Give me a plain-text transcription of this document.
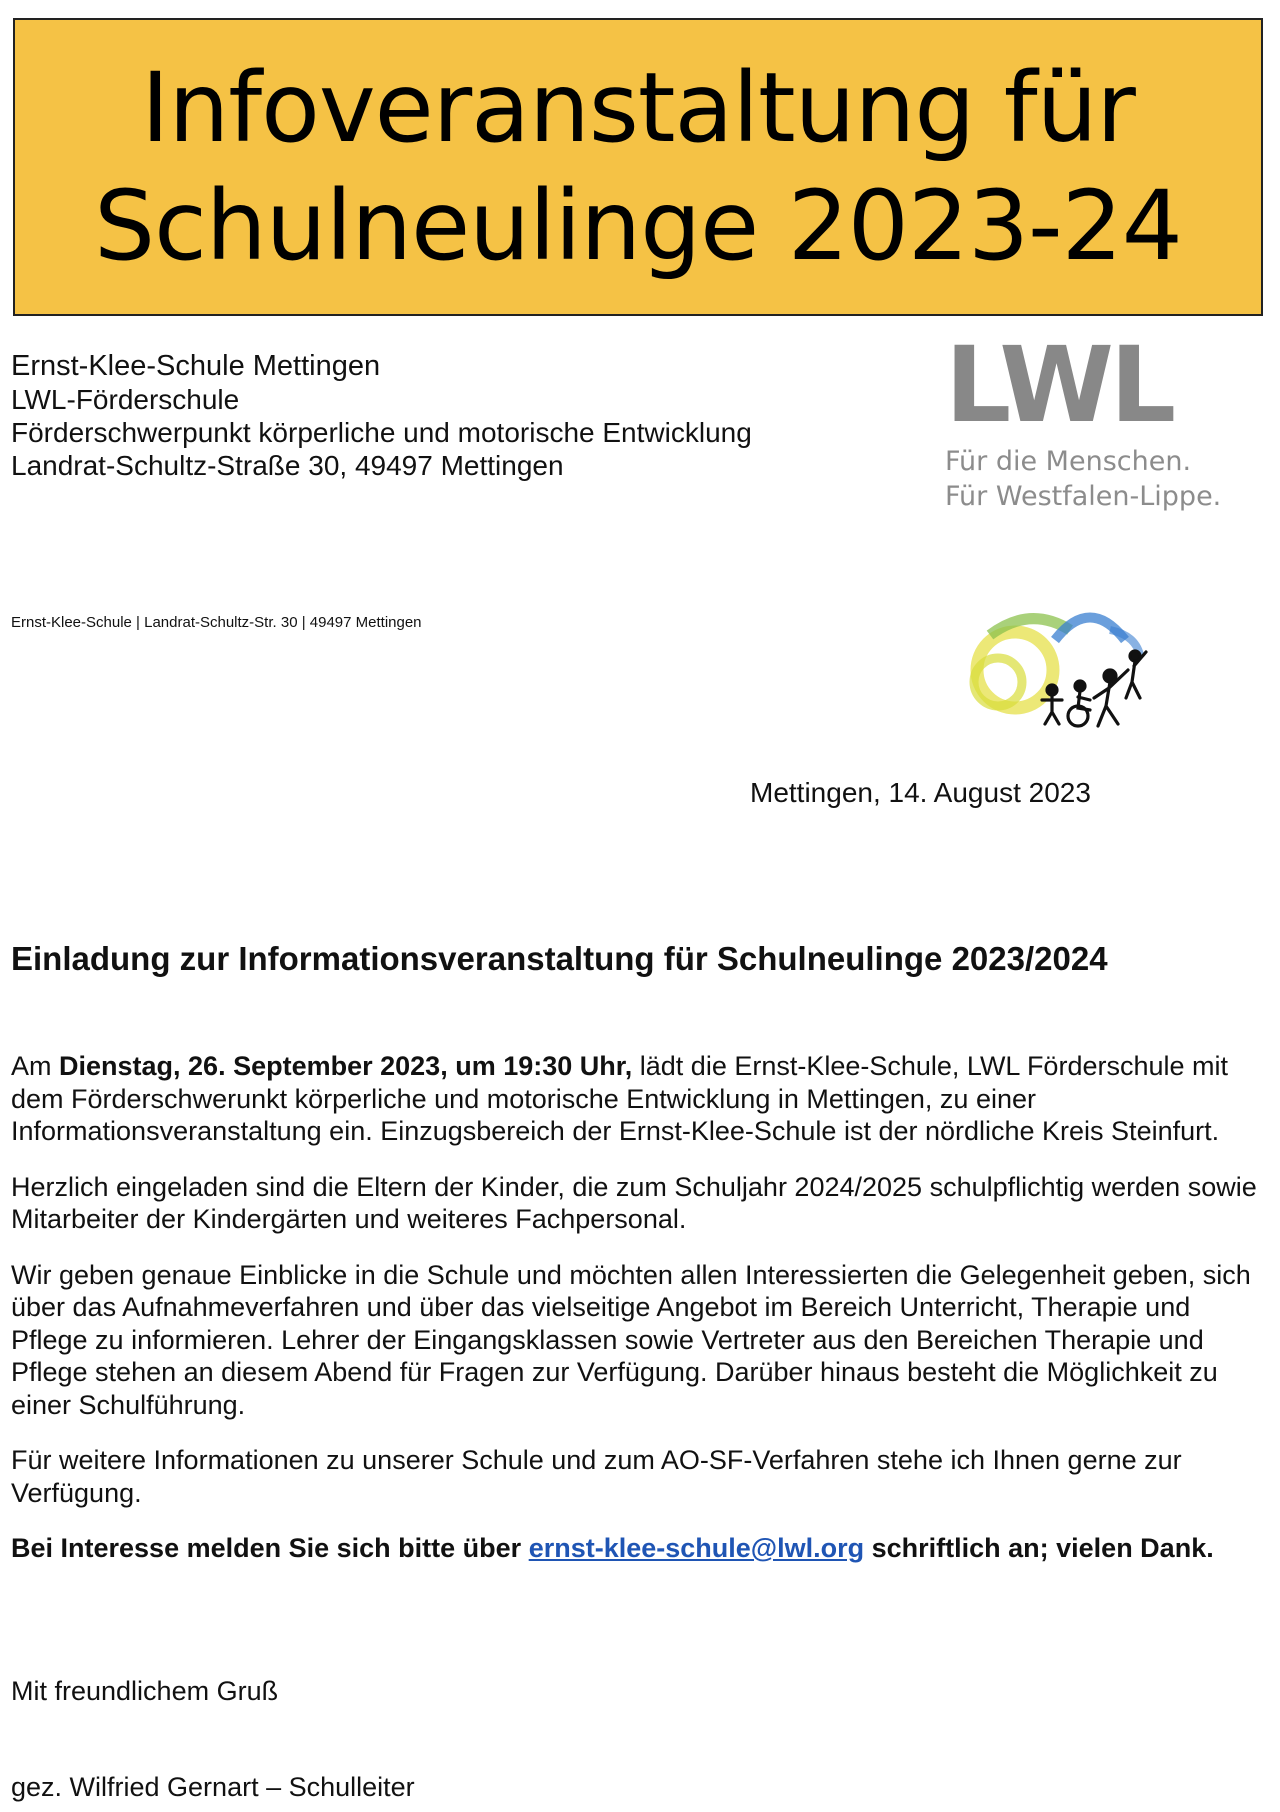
Infoveranstaltung für
Schulneulinge 2023-24
Ernst-Klee-Schule Mettingen
LWL-Förderschule
Förderschwerpunkt körperliche und motorische Entwicklung
Landrat-Schultz-Straße 30, 49497 Mettingen
LWL
Für die Menschen.
Für Westfalen-Lippe.
Ernst-Klee-Schule | Landrat-Schultz-Str. 30 | 49497 Mettingen
Mettingen, 14. August 2023
Einladung zur Informationsveranstaltung für Schulneulinge 2023/2024

Am Dienstag, 26. September 2023, um 19:30 Uhr, lädt die Ernst-Klee-Schule, LWL Förderschule mit dem Förderschwerunkt körperliche und motorische Entwicklung in Mettingen, zu einer Informationsveranstaltung ein. Einzugsbereich der Ernst-Klee-Schule ist der nördliche Kreis Steinfurt.

Herzlich eingeladen sind die Eltern der Kinder, die zum Schuljahr 2024/2025 schulpflichtig werden sowie Mitarbeiter der Kindergärten und weiteres Fachpersonal.

Wir geben genaue Einblicke in die Schule und möchten allen Interessierten die Gelegenheit geben, sich über das Aufnahmeverfahren und über das vielseitige Angebot im Bereich Unterricht, Therapie und Pflege zu informieren. Lehrer der Eingangsklassen sowie Vertreter aus den Bereichen Therapie und Pflege stehen an diesem Abend für Fragen zur Verfügung. Darüber hinaus besteht die Möglichkeit zu einer Schulführung.

Für weitere Informationen zu unserer Schule und zum AO-SF-Verfahren stehe ich Ihnen gerne zur Verfügung.

Bei Interesse melden Sie sich bitte über ernst-klee-schule@lwl.org schriftlich an; vielen Dank.

Mit freundlichem Gruß
gez. Wilfried Gernart – Schulleiter
